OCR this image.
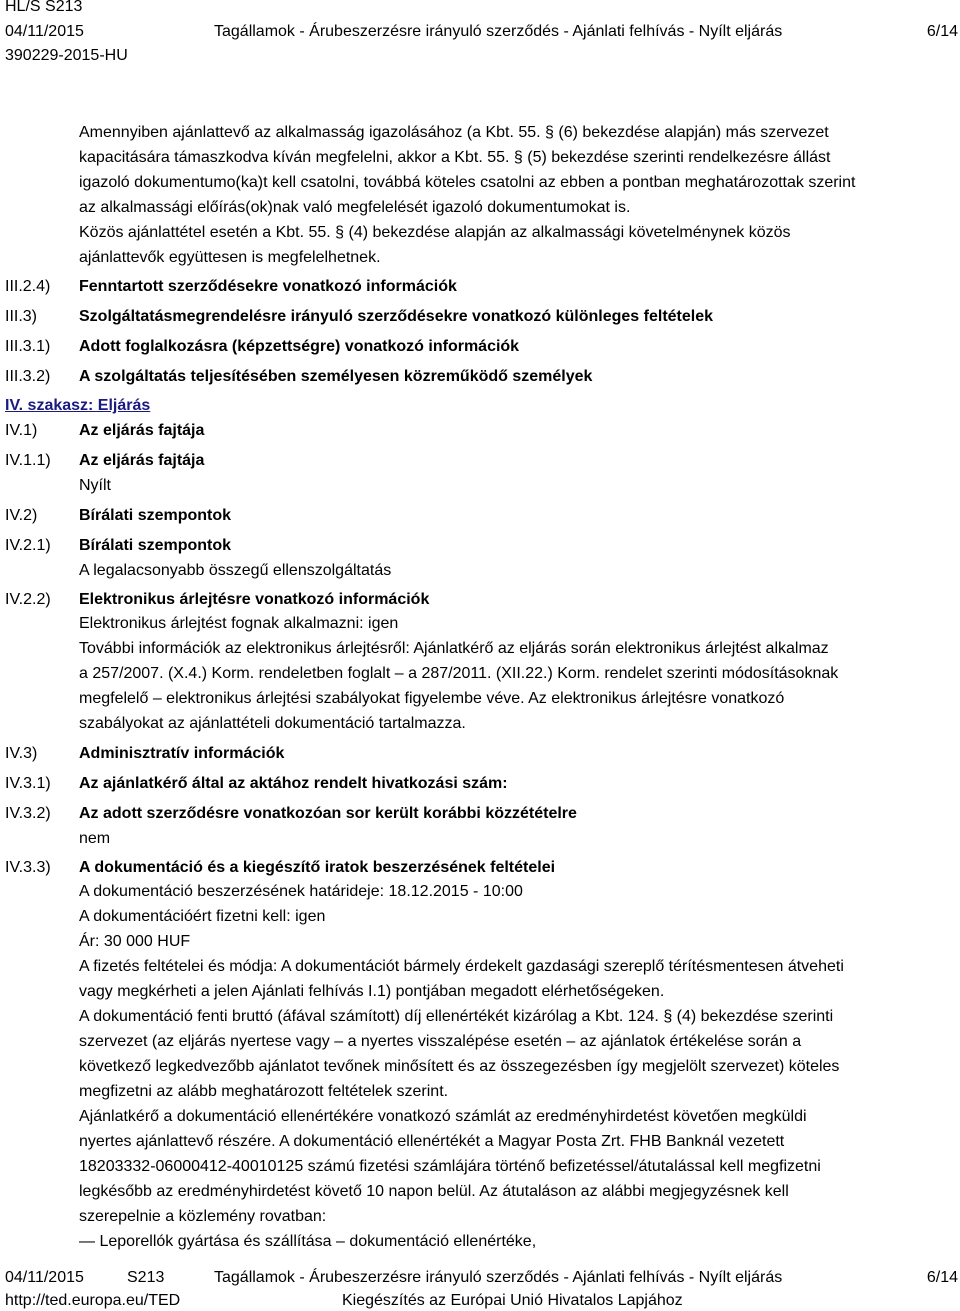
HL/S S213
04/11/2015	Tagállamok - Árubeszerzésre irányuló szerződés - Ajánlati felhívás - Nyílt eljárás	6/14
390229-2015-HU
Amennyiben ajánlattevő az alkalmasság igazolásához (a Kbt. 55. § (6) bekezdése alapján) más szervezet
kapacitására támaszkodva kíván megfelelni, akkor a Kbt. 55. § (5) bekezdése szerinti rendelkezésre állást
igazoló dokumentumo(ka)t kell csatolni, továbbá köteles csatolni az ebben a pontban meghatározottak szerint
az alkalmassági előírás(ok)nak való megfelelését igazoló dokumentumokat is.
Közös ajánlattétel esetén a Kbt. 55. § (4) bekezdése alapján az alkalmassági követelménynek közös
ajánlattevők együttesen is megfelelhetnek.
III.2.4) Fenntartott szerződésekre vonatkozó információk
III.3)	Szolgáltatásmegrendelésre irányuló szerződésekre vonatkozó különleges feltételek
III.3.1) Adott foglalkozásra (képzettségre) vonatkozó információk
III.3.2) A szolgáltatás teljesítésében személyesen közreműködő személyek
IV. szakasz: Eljárás
IV.1)	Az eljárás fajtája
IV.1.1) Az eljárás fajtája
Nyílt
IV.2)	Bírálati szempontok
IV.2.1) Bírálati szempontok
A legalacsonyabb összegű ellenszolgáltatás
IV.2.2) Elektronikus árlejtésre vonatkozó információk
Elektronikus árlejtést fognak alkalmazni: igen
További információk az elektronikus árlejtésről: Ajánlatkérő az eljárás során elektronikus árlejtést alkalmaz
a 257/2007. (X.4.) Korm. rendeletben foglalt – a 287/2011. (XII.22.) Korm. rendelet szerinti módosításoknak
megfelelő – elektronikus árlejtési szabályokat figyelembe véve. Az elektronikus árlejtésre vonatkozó
szabályokat az ajánlattételi dokumentáció tartalmazza.
IV.3)	Adminisztratív információk
IV.3.1) Az ajánlatkérő által az aktához rendelt hivatkozási szám:
IV.3.2) Az adott szerződésre vonatkozóan sor került korábbi közzétételre
nem
IV.3.3) A dokumentáció és a kiegészítő iratok beszerzésének feltételei
A dokumentáció beszerzésének határideje: 18.12.2015 - 10:00
A dokumentációért fizetni kell: igen
Ár: 30 000 HUF
A fizetés feltételei és módja: A dokumentációt bármely érdekelt gazdasági szereplő térítésmentesen átveheti
vagy megkérheti a jelen Ajánlati felhívás I.1) pontjában megadott elérhetőségeken.
A dokumentáció fenti bruttó (áfával számított) díj ellenértékét kizárólag a Kbt. 124. § (4) bekezdése szerinti
szervezet (az eljárás nyertese vagy – a nyertes visszalépése esetén – az ajánlatok értékelése során a
következő legkedvezőbb ajánlatot tevőnek minősített és az összegezésben így megjelölt szervezet) köteles
megfizetni az alább meghatározott feltételek szerint.
Ajánlatkérő a dokumentáció ellenértékére vonatkozó számlát az eredményhirdetést követően megküldi
nyertes ajánlattevő részére. A dokumentáció ellenértékét a Magyar Posta Zrt. FHB Banknál vezetett
18203332-06000412-40010125 számú fizetési számlájára történő befizetéssel/átutalással kell megfizetni
legkésőbb az eredményhirdetést követő 10 napon belül. Az átutaláson az alábbi megjegyzésnek kell
szerepelnie a közlemény rovatban:
— Leporellók gyártása és szállítása – dokumentáció ellenértéke,
04/11/2015	S213	Tagállamok - Árubeszerzésre irányuló szerződés - Ajánlati felhívás - Nyílt eljárás	6/14
http://ted.europa.eu/TED	Kiegészítés az Európai Unió Hivatalos Lapjához
